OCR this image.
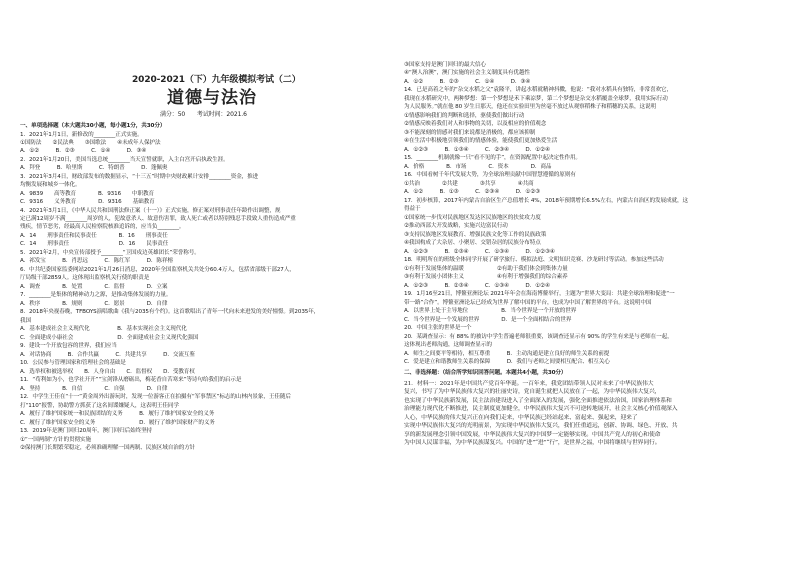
2020-2021（下）九年级模拟考试（二）
道德与法治
满分：50　　考试时间：2021.6
一、单项选择题（本大题共30小题，每小题1分，共30分）
1．2021年1月1日，新修改的________正式实施。
①国防法　　②民法典　　③国歌法　　④未成年人保护法
A．①②　　　B．②③　　　C．①④　　　D．③④
2．2021年1月20日，美国当选总统________当天宣誓就职，入主白宫开启执政生涯。
A．拜登　　　B．哈里斯　　　C．特朗普　　　D．蓬佩奥
3．2021年3月4日，财政部发布的数据显示，“十三五”时期中央财政累计安排________资金，推进
均衡发展和城乡一体化。
A．9839　　高等教育　　　　B．9316　　中职教育
C．9316　　义务教育　　　　D．9316　　基础教育
4．2021年3月1日，《中华人民共和国刑法修正案（十一）》正式实施，修正案对刑事责任年龄作出调整，规
定已满12周岁不满________周岁的人，犯故意杀人、故意伤害罪，致人死亡或者以特别残忍手段致人重伤造成严重
残疾，情节恶劣，经最高人民检察院核准追诉的，应当负________。
A．14　　刑事责任和民事责任　　　　B．16　　刑事责任
C．14　　刑事责任　　　　　　　　　D．16　　民事责任
5．2021年2月，中央宣传部授予________“卫国戍边英雄团长”荣誉称号。
A．祁发宝　　　B．肖思远　　　C．陈红军　　　D．陈祥榕
6．中共纪委国家监委网站2021年1月26日消息，2020年全国监察机关共处分60.4万人，包括省部级干部27人，
厅局级干部2859人。这体现出监察机关行使的职责是
A．调查　　　　B．处置　　　　C．监督　　　　D．立案
7．________是集体的精神动力之源，是推动集体发展的力量。
A．秩序　　　　B．规则　　　　C．愿景　　　　D．自律
8．2018年央视春晚，TFBOYS演唱歌曲《我与2035有个约》。这首歌唱出了青年一代向未来进发的美好憧憬。到2035年，
我国
A．基本建成社会主义现代化　　　　　B．基本实现社会主义现代化
C．全面建成小康社会　　　　　　　　D．全面建成社会主义现代化强国
9．建设一个开放包容的世界，我们应当
A．对话协商　　　B．合作共赢　　　C．共建共享　　　D．交流互鉴
10．公民参与管理国家和管理社会的基础是
A．选举权和被选举权　　B．人身自由　　C．监督权　　D．受教育权
11．“苟利如为小，也学社开开”“宝剑锋从磨砺出，梅花香自苦寒来”等诗句给我们的启示是
A．坚持　　　　B．自信　　　　C．自强　　　　D．自律
12．中学生王佳在“十一”黄金周外出游玩时，发现一位游客正在拍摄有“军事禁区”标志的山林内景象，王佳随后
打“110”报警，协助警方抓获了这名间谍嫌疑人，这表明王佳同学
A．履行了维护国家统一和民族团结的义务　　　B．履行了维护国家安全的义务
C．履行了维护国家安全的义务　　　　　　　　D．履行了维护国家财产的义务
13．2019年是澳门回归20周年，澳门回归后始终坚持
①“一国两制”方针的贯彻实施
②保持澳门长期繁荣稳定，必须准确理解一国两制、民族区域自治的方针
③国家支持是澳门回归的最大信心
④“澳人治澳”，澳门实施的社会主义制度具有优越性
A．①②　　　B．②③　　　C．①④　　　D．③④
14．已是高着之年的“杂交水稻之父”袁隆平，讲起水稻就精神抖擞，他说：“我对水稻具有独特，非常喜欢它，
我现在水稻研究中，两种梦想：第一个梦想是禾下乘凉梦，第二个梦想是杂交水稻覆盖全球梦，我用实际行动
为人民服务。”就在他 80 岁生日那天，他还在实验田里为丝毫不放过从观察稻株子和稻穗的关系，这说明
①情感影响我们的判断和选择，驱使我们做出行动
②情感反映着我们对人和事物的关切，以及相应的价值观念
③不能深刻的情感对我们来说都是消极的，都应该抑制
④在生活中积极地引领我们的情感体验，能使我们更加热爱生活
A．①②③　　　B．①③④　　　C．②③④　　　D．①②④
15．________机制就像一只“看不见的手”，在资源配置中起决定性作用。
A．价格　　　　B．市场　　　　C．资本　　　　D．商品
16．中国看树千年代发展大势，为全球治理贡献中国智慧遵循的原则有
①共治　　　　②共建　　　　③共享　　　　④共商
A．①②　　　B．①③　　　C．②③④　　　D．①②③
17．初步核算，2017年内蒙古自治区生产总值增长 4%，2018年预期增长6.5%左右，内蒙古自治区的发展成就，这
得益于
①国家统一步伐对民族地区发达区民族地区的扶贫攻力度
②推动西部大开发战略，实施兴边富民行动
③支持民族地区发展教育、增强民族文化等工作的民族政策
④我国构成了大杂居、小聚居、交错杂居的民族分布特点
A．①②③　　　B．②③④　　　C．①③④　　　D．①②③④
18．明明所在的班级全体同学开展了研学旅行、模拟法庭、文明知识竞赛、沙龙研讨等活动。参加这些活动
①有利于发展集体的温暖　　　　　　②有助于我们体会到集体力量
③有利于发展小团体主义　　　　　　④有利于增强我们的综合素养
A．①②③　　　B．②③④　　　C．①③④　　　D．①②④
19．1月16至21日，博鳌亚洲论坛 2021年年会在海南博鳌举行，主题为“世界大变局：共建全球治理和促进“一
带一路”合作”。博鳌亚洲论坛已经成为世界了解中国的平台，也成为中国了解世界的平台。这说明中国
A．以世界上处于主导地位　　　　　　B．当今世界是一个开放的世界
C．当今世界是一个发展的世界　　　　D．是一个全面相结合的世界
20．中国主张的世界是一个
20．某调查显示：有 88% 的被访中学生普遍老师很重要，该调查还显示有 90% 的学生有来是与老师在一起，
这体现出老师沟通，这师调查显示的
A．师生之间要平等相待，相互尊重　　　B．主动沟通是建立良好的师生关系的前提
C．爱是建立和谐教师生关系的保障　　　D．我们与老师之间要相互配合、相互关心
二、非选择题：（结合所学知识回答问题。本题共4小题，共30分）
21．材料一：2021年是中国共产党百年华诞。一百年来，我党团结带领人民对未来了中华民族伟大
复兴，书写了为中华民族伟大复兴的壮丽史诗，党自诞生就把人民放在了一起，为中华民族伟大复兴，
也实现了中华民族新发展，民主法治建设进入了全面深入的发展，强化全面推进依法治国，国家治理体系和
治理能力现代化不断推进，民主制度更加健全，中华民族伟大复兴不可逆转地展开，社会主义核心价值观深入
人心，中华民族的伟大复兴正在向我们走来，中华民族已经站起来、富起来、强起来，迎来了
实现中华民族伟大复兴的光明前景，为实现中华民族伟大复兴，我们任重道远，创新、协调、绿色、开放、共
享的新发展理念引领中国发展，中华民族伟大复兴的中国梦一定能够实现。中国共产党人的初心和使命
为中国人民谋幸福，为中华民族谋复兴。中国的“进”“进”“行”，是世界之福，中国将继续与世界同行。
